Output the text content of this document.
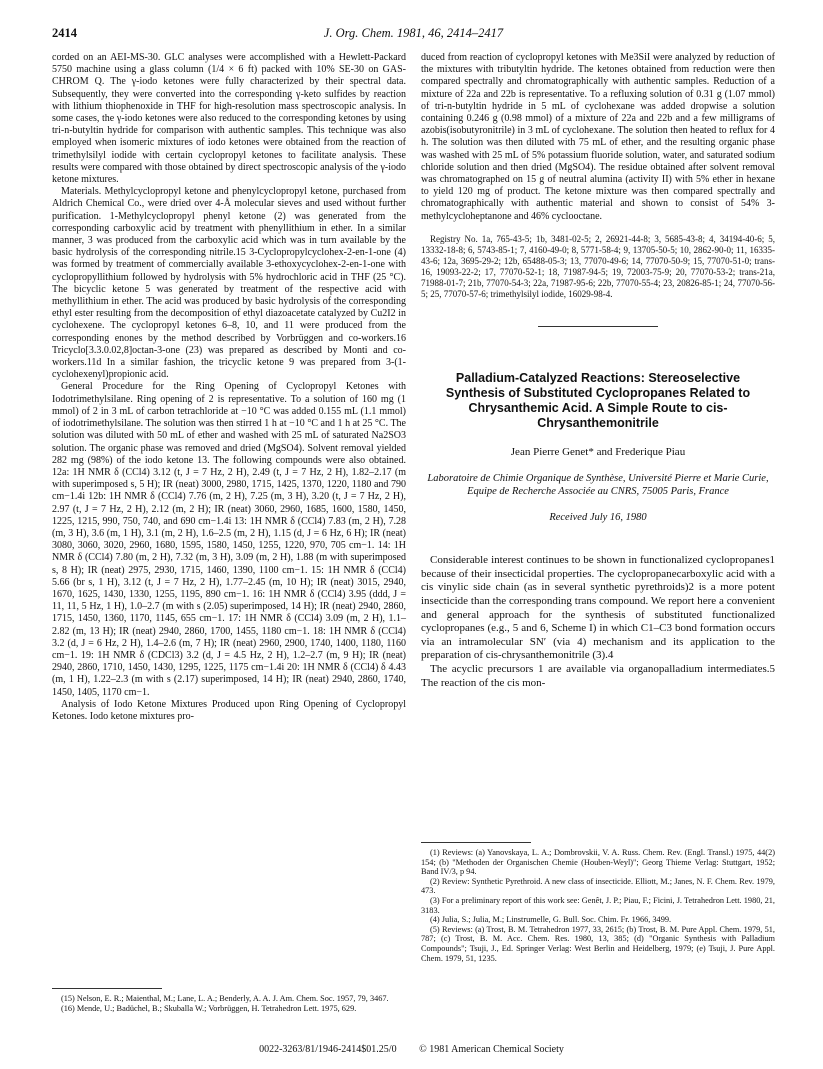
2414	J. Org. Chem. 1981, 46, 2414–2417

corded on an AEI-MS-30. GLC analyses were accomplished with a Hewlett-Packard 5750 machine using a glass column (1/4 × 6 ft) packed with 10% SE-30 on GAS-CHROM Q. The γ-iodo ketones were fully characterized by their spectral data. Subsequently, they were converted into the corresponding γ-keto sulfides by reaction with lithium thiophenoxide in THF for high-resolution mass spectroscopic analysis. In some cases, the γ-iodo ketones were also reduced to the corresponding ketones by using tri-n-butyltin hydride for comparison with authentic samples. This technique was also employed when isomeric mixtures of iodo ketones were obtained from the reaction of trimethylsilyl iodide with certain cyclopropyl ketones to facilitate analysis. These results were compared with those obtained by direct spectroscopic analysis of the γ-iodo ketone mixtures.

Materials. Methylcyclopropyl ketone and phenylcyclopropyl ketone, purchased from Aldrich Chemical Co., were dried over 4-Å molecular sieves and used without further purification. 1-Methylcyclopropyl phenyl ketone (2) was generated from the corresponding carboxylic acid by treatment with phenyllithium in ether. In a similar manner, 3 was produced from the carboxylic acid which was in turn available by the basic hydrolysis of the corresponding nitrile.15 3-Cyclopropylcyclohex-2-en-1-one (4) was formed by treatment of commercially available 3-ethoxycyclohex-2-en-1-one with cyclopropyllithium followed by hydrolysis with 5% hydrochloric acid in THF (25 °C). The bicyclic ketone 5 was generated by treatment of the respective acid with methyllithium in ether. The acid was produced by basic hydrolysis of the corresponding ethyl ester resulting from the decomposition of ethyl diazoacetate catalyzed by Cu2I2 in cyclohexene. The cyclopropyl ketones 6–8, 10, and 11 were produced from the corresponding enones by the method described by Vorbrüggen and co-workers.16 Tricyclo[3.3.0.02,8]octan-3-one (23) was prepared as described by Monti and co-workers.11d In a similar fashion, the tricyclic ketone 9 was prepared from 3-(1-cyclohexenyl)propionic acid.

General Procedure for the Ring Opening of Cyclopropyl Ketones with Iodotrimethylsilane. Ring opening of 2 is representative. To a solution of 160 mg (1 mmol) of 2 in 3 mL of carbon tetrachloride at −10 °C was added 0.155 mL (1.1 mmol) of iodotrimethylsilane. The solution was then stirred 1 h at −10 °C and 1 h at 25 °C. The solution was diluted with 50 mL of ether and washed with 25 mL of saturated Na2SO3 solution. The organic phase was removed and dried (MgSO4). Solvent removal yielded 282 mg (98%) of the iodo ketone 13. The following compounds were also obtained. 12a: 1H NMR δ (CCl4) 3.12 (t, J = 7 Hz, 2 H), 2.49 (t, J = 7 Hz, 2 H), 1.82–2.17 (m with superimposed s, 5 H); IR (neat) 3000, 2980, 1715, 1425, 1370, 1220, 1180 and 790 cm−1.4i 12b: 1H NMR δ (CCl4) 7.76 (m, 2 H), 7.25 (m, 3 H), 3.20 (t, J = 7 Hz, 2 H), 2.97 (t, J = 7 Hz, 2 H), 2.12 (m, 2 H); IR (neat) 3060, 2960, 1685, 1600, 1580, 1450, 1225, 1215, 990, 750, 740, and 690 cm−1.4i 13: 1H NMR δ (CCl4) 7.83 (m, 2 H), 7.28 (m, 3 H), 3.6 (m, 1 H), 3.1 (m, 2 H), 1.6–2.5 (m, 2 H), 1.15 (d, J = 6 Hz, 6 H); IR (neat) 3080, 3060, 3020, 2960, 1680, 1595, 1580, 1450, 1255, 1220, 970, 705 cm−1. 14: 1H NMR δ (CCl4) 7.80 (m, 2 H), 7.32 (m, 3 H), 3.09 (m, 2 H), 1.88 (m with superimposed s, 8 H); IR (neat) 2975, 2930, 1715, 1460, 1390, 1100 cm−1. 15: 1H NMR δ (CCl4) 5.66 (br s, 1 H), 3.12 (t, J = 7 Hz, 2 H), 1.77–2.45 (m, 10 H); IR (neat) 3015, 2940, 1670, 1625, 1430, 1330, 1255, 1195, 890 cm−1. 16: 1H NMR δ (CCl4) 3.95 (ddd, J = 11, 11, 5 Hz, 1 H), 1.0–2.7 (m with s (2.05) superimposed, 14 H); IR (neat) 2940, 2860, 1715, 1450, 1360, 1170, 1145, 655 cm−1. 17: 1H NMR δ (CCl4) 3.09 (m, 2 H), 1.1–2.82 (m, 13 H); IR (neat) 2940, 2860, 1700, 1455, 1180 cm−1. 18: 1H NMR δ (CCl4) 3.2 (d, J = 6 Hz, 2 H), 1.4–2.6 (m, 7 H); IR (neat) 2960, 2900, 1740, 1400, 1180, 1160 cm−1. 19: 1H NMR δ (CDCl3) 3.2 (d, J = 4.5 Hz, 2 H), 1.2–2.7 (m, 9 H); IR (neat) 2940, 2860, 1710, 1450, 1430, 1295, 1225, 1175 cm−1.4i 20: 1H NMR δ (CCl4) δ 4.43 (m, 1 H), 1.22–2.3 (m with s (2.17) superimposed, 14 H); IR (neat) 2940, 2860, 1740, 1450, 1405, 1170 cm−1.

Analysis of Iodo Ketone Mixtures Produced upon Ring Opening of Cyclopropyl Ketones. Iodo ketone mixtures pro-

(15) Nelson, E. R.; Maienthal, M.; Lane, L. A.; Benderly, A. A. J. Am. Chem. Soc. 1957, 79, 3467.

(16) Mende, U.; Badüchel, B.; Skuballa W.; Vorbrüggen, H. Tetrahedron Lett. 1975, 629.

duced from reaction of cyclopropyl ketones with Me3SiI were analyzed by reduction of the mixtures with tributyltin hydride. The ketones obtained from reduction were then compared spectrally and chromatographically with authentic samples. Reduction of a mixture of 22a and 22b is representative. To a refluxing solution of 0.31 g (1.07 mmol) of tri-n-butyltin hydride in 5 mL of cyclohexane was added dropwise a solution containing 0.246 g (0.98 mmol) of a mixture of 22a and 22b and a few milligrams of azobis(isobutyronitrile) in 3 mL of cyclohexane. The solution then heated to reflux for 4 h. The solution was then diluted with 75 mL of ether, and the resulting organic phase was washed with 25 mL of 5% potassium fluoride solution, water, and saturated sodium chloride solution and then dried (MgSO4). The residue obtained after solvent removal was chromatographed on 15 g of neutral alumina (activity II) with 5% ether in hexane to yield 120 mg of product. The ketone mixture was then compared spectrally and chromatographically with authentic material and shown to consist of 54% 3-methylcycloheptanone and 46% cyclooctane.

Registry No. 1a, 765-43-5; 1b, 3481-02-5; 2, 26921-44-8; 3, 5685-43-8; 4, 34194-40-6; 5, 13332-18-8; 6, 5743-85-1; 7, 4160-49-0; 8, 5771-58-4; 9, 13705-50-5; 10, 2862-90-0; 11, 16335-43-6; 12a, 3695-29-2; 12b, 65488-05-3; 13, 77070-49-6; 14, 77070-50-9; 15, 77070-51-0; trans-16, 19093-22-2; 17, 77070-52-1; 18, 71987-94-5; 19, 72003-75-9; 20, 77070-53-2; trans-21a, 71988-01-7; 21b, 77070-54-3; 22a, 71987-95-6; 22b, 77070-55-4; 23, 20826-85-1; 24, 77070-56-5; 25, 77070-57-6; trimethylsilyl iodide, 16029-98-4.

Palladium-Catalyzed Reactions: Stereoselective Synthesis of Substituted Cyclopropanes Related to Chrysanthemic Acid. A Simple Route to cis-Chrysanthemonitrile
Jean Pierre Genet* and Frederique Piau
Laboratoire de Chimie Organique de Synthèse, Université Pierre et Marie Curie, Equipe de Recherche Associée au CNRS, 75005 Paris, France
Received July 16, 1980

Considerable interest continues to be shown in functionalized cyclopropanes1 because of their insecticidal properties. The cyclopropanecarboxylic acid with a cis vinylic side chain (as in several synthetic pyrethroids)2 is a more potent insecticide than the corresponding trans compound. We report here a convenient and general approach for the synthesis of substituted functionalized cyclopropanes (e.g., 5 and 6, Scheme I) in which C1–C3 bond formation occurs via an intramolecular SN′ (via 4) mechanism and its application to the preparation of cis-chrysanthemonitrile (3).4

The acyclic precursors 1 are available via organopalladium intermediates.5 The reaction of the cis mon-

(1) Reviews: (a) Yanovskaya, L. A.; Dombrovskii, V. A. Russ. Chem. Rev. (Engl. Transl.) 1975, 44(2) 154; (b) "Methoden der Organischen Chemie (Houben-Weyl)"; Georg Thieme Verlag: Stuttgart, 1952; Band IV/3, p 94.

(2) Review: Synthetic Pyrethroid. A new class of insecticide. Elliott, M.; Janes, N. F. Chem. Rev. 1979, 473.

(3) For a preliminary report of this work see: Genêt, J. P.; Piau, F.; Ficini, J. Tetrahedron Lett. 1980, 21, 3183.

(4) Julia, S.; Julia, M.; Linstrumelle, G. Bull. Soc. Chim. Fr. 1966, 3499.

(5) Reviews: (a) Trost, B. M. Tetrahedron 1977, 33, 2615; (b) Trost, B. M. Pure Appl. Chem. 1979, 51, 787; (c) Trost, B. M. Acc. Chem. Res. 1980, 13, 385; (d) "Organic Synthesis with Palladium Compounds"; Tsuji, J., Ed. Springer Verlag: West Berlin and Heidelberg, 1979; (e) Tsuji, J. Pure Appl. Chem. 1979, 51, 1235.

0022-3263/81/1946-2414$01.25/0 © 1981 American Chemical Society
